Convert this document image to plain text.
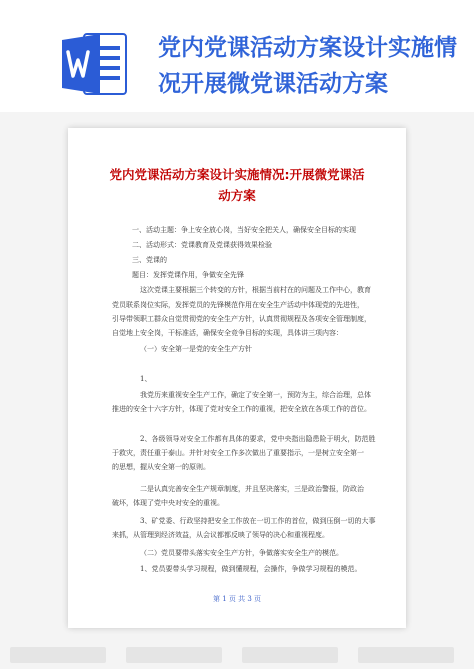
党内党课活动方案设计实施情
况开展微党课活动方案
党内党课活动方案设计实施情况:开展微党课活
动方案
一、活动主题：争上安全放心岗，当好安全把关人，确保安全目标的实现
二、活动形式：党课教育及党课获得效果检验
三、党课的
题目：发挥党课作用，争做安全先锋
这次党课主要根据三个转变的方针，根据当前村在的问题及工作中心，教育
党员联系岗位实际，发挥党员的先锋模范作用在安全生产活动中体现党的先进性，
引导带领职工群众自觉贯彻党的安全生产方针，认真贯彻规程及各项安全管理制度，
自觉地上安全岗，干标准活，确保安全竞争目标的实现，具体讲三项内容：
（一）安全第一是党的安全生产方针
1、
我党历来重视安全生产工作，确定了安全第一，预防为主，综合治理，总体
推进的安全十六字方针，体现了党对安全工作的重视，把安全放在各项工作的首位。
2、各级领导对安全工作都有具体的要求，党中央指出隐患险于明火，防范胜
于救灾，责任重于泰山。并针对安全工作多次做出了重要指示，一是树立安全第一
的思想，握从安全第一的原则。
二是认真完善安全生产规章制度，并且坚决落实，三是政治警报，防政治
破坏，体现了党中央对安全的重视。
3、矿党委、行政坚持把安全工作放在一切工作的首位，做到压倒一切的大事
来抓，从管理到经济效益，从会议都都反映了领导的决心和重视程度。
（二）党员要带头落实安全生产方针，争做落实安全生产的模范。
1、党员要带头学习规程，做到懂规程，会操作，争做学习规程的模范。
第 1 页 共 3 页
